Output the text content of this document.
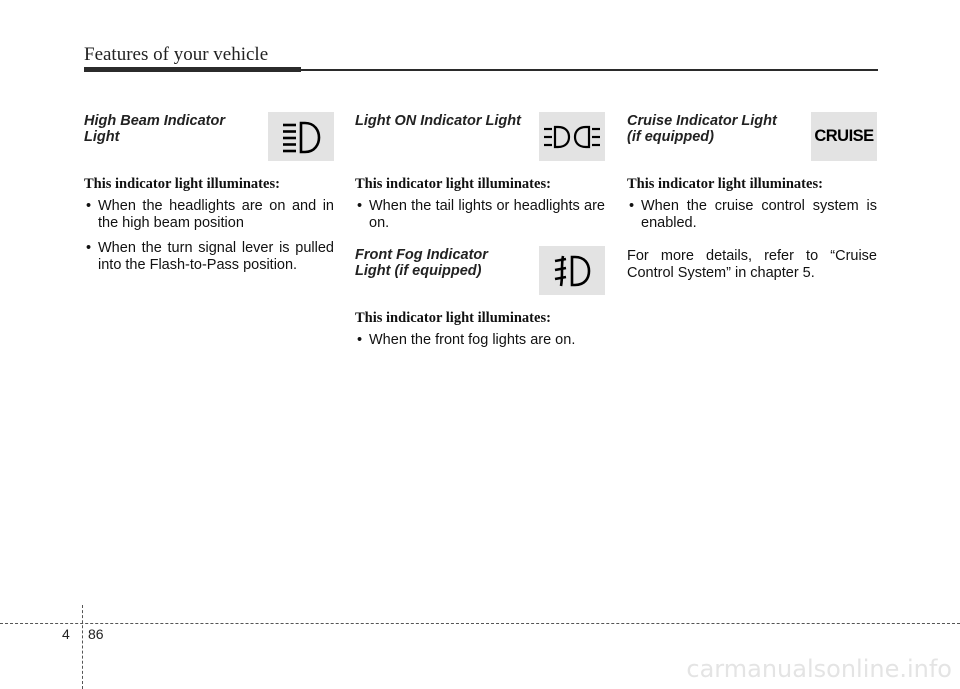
Features of your vehicle

High Beam Indicator
Light

This indicator light illuminates:

• When the headlights are on and in the high beam position
• When the turn signal lever is pulled into the Flash-to-Pass position.

Light ON Indicator Light

This indicator light illuminates:

• When the tail lights or headlights are on.

Front Fog Indicator
Light (if equipped)

This indicator light illuminates:

• When the front fog lights are on.

Cruise Indicator Light
(if equipped)	CRUISE

This indicator light illuminates:

• When the cruise control system is enabled.

For more details, refer to “Cruise Control System” in chapter 5.

4 86
carmanualsonline.info
